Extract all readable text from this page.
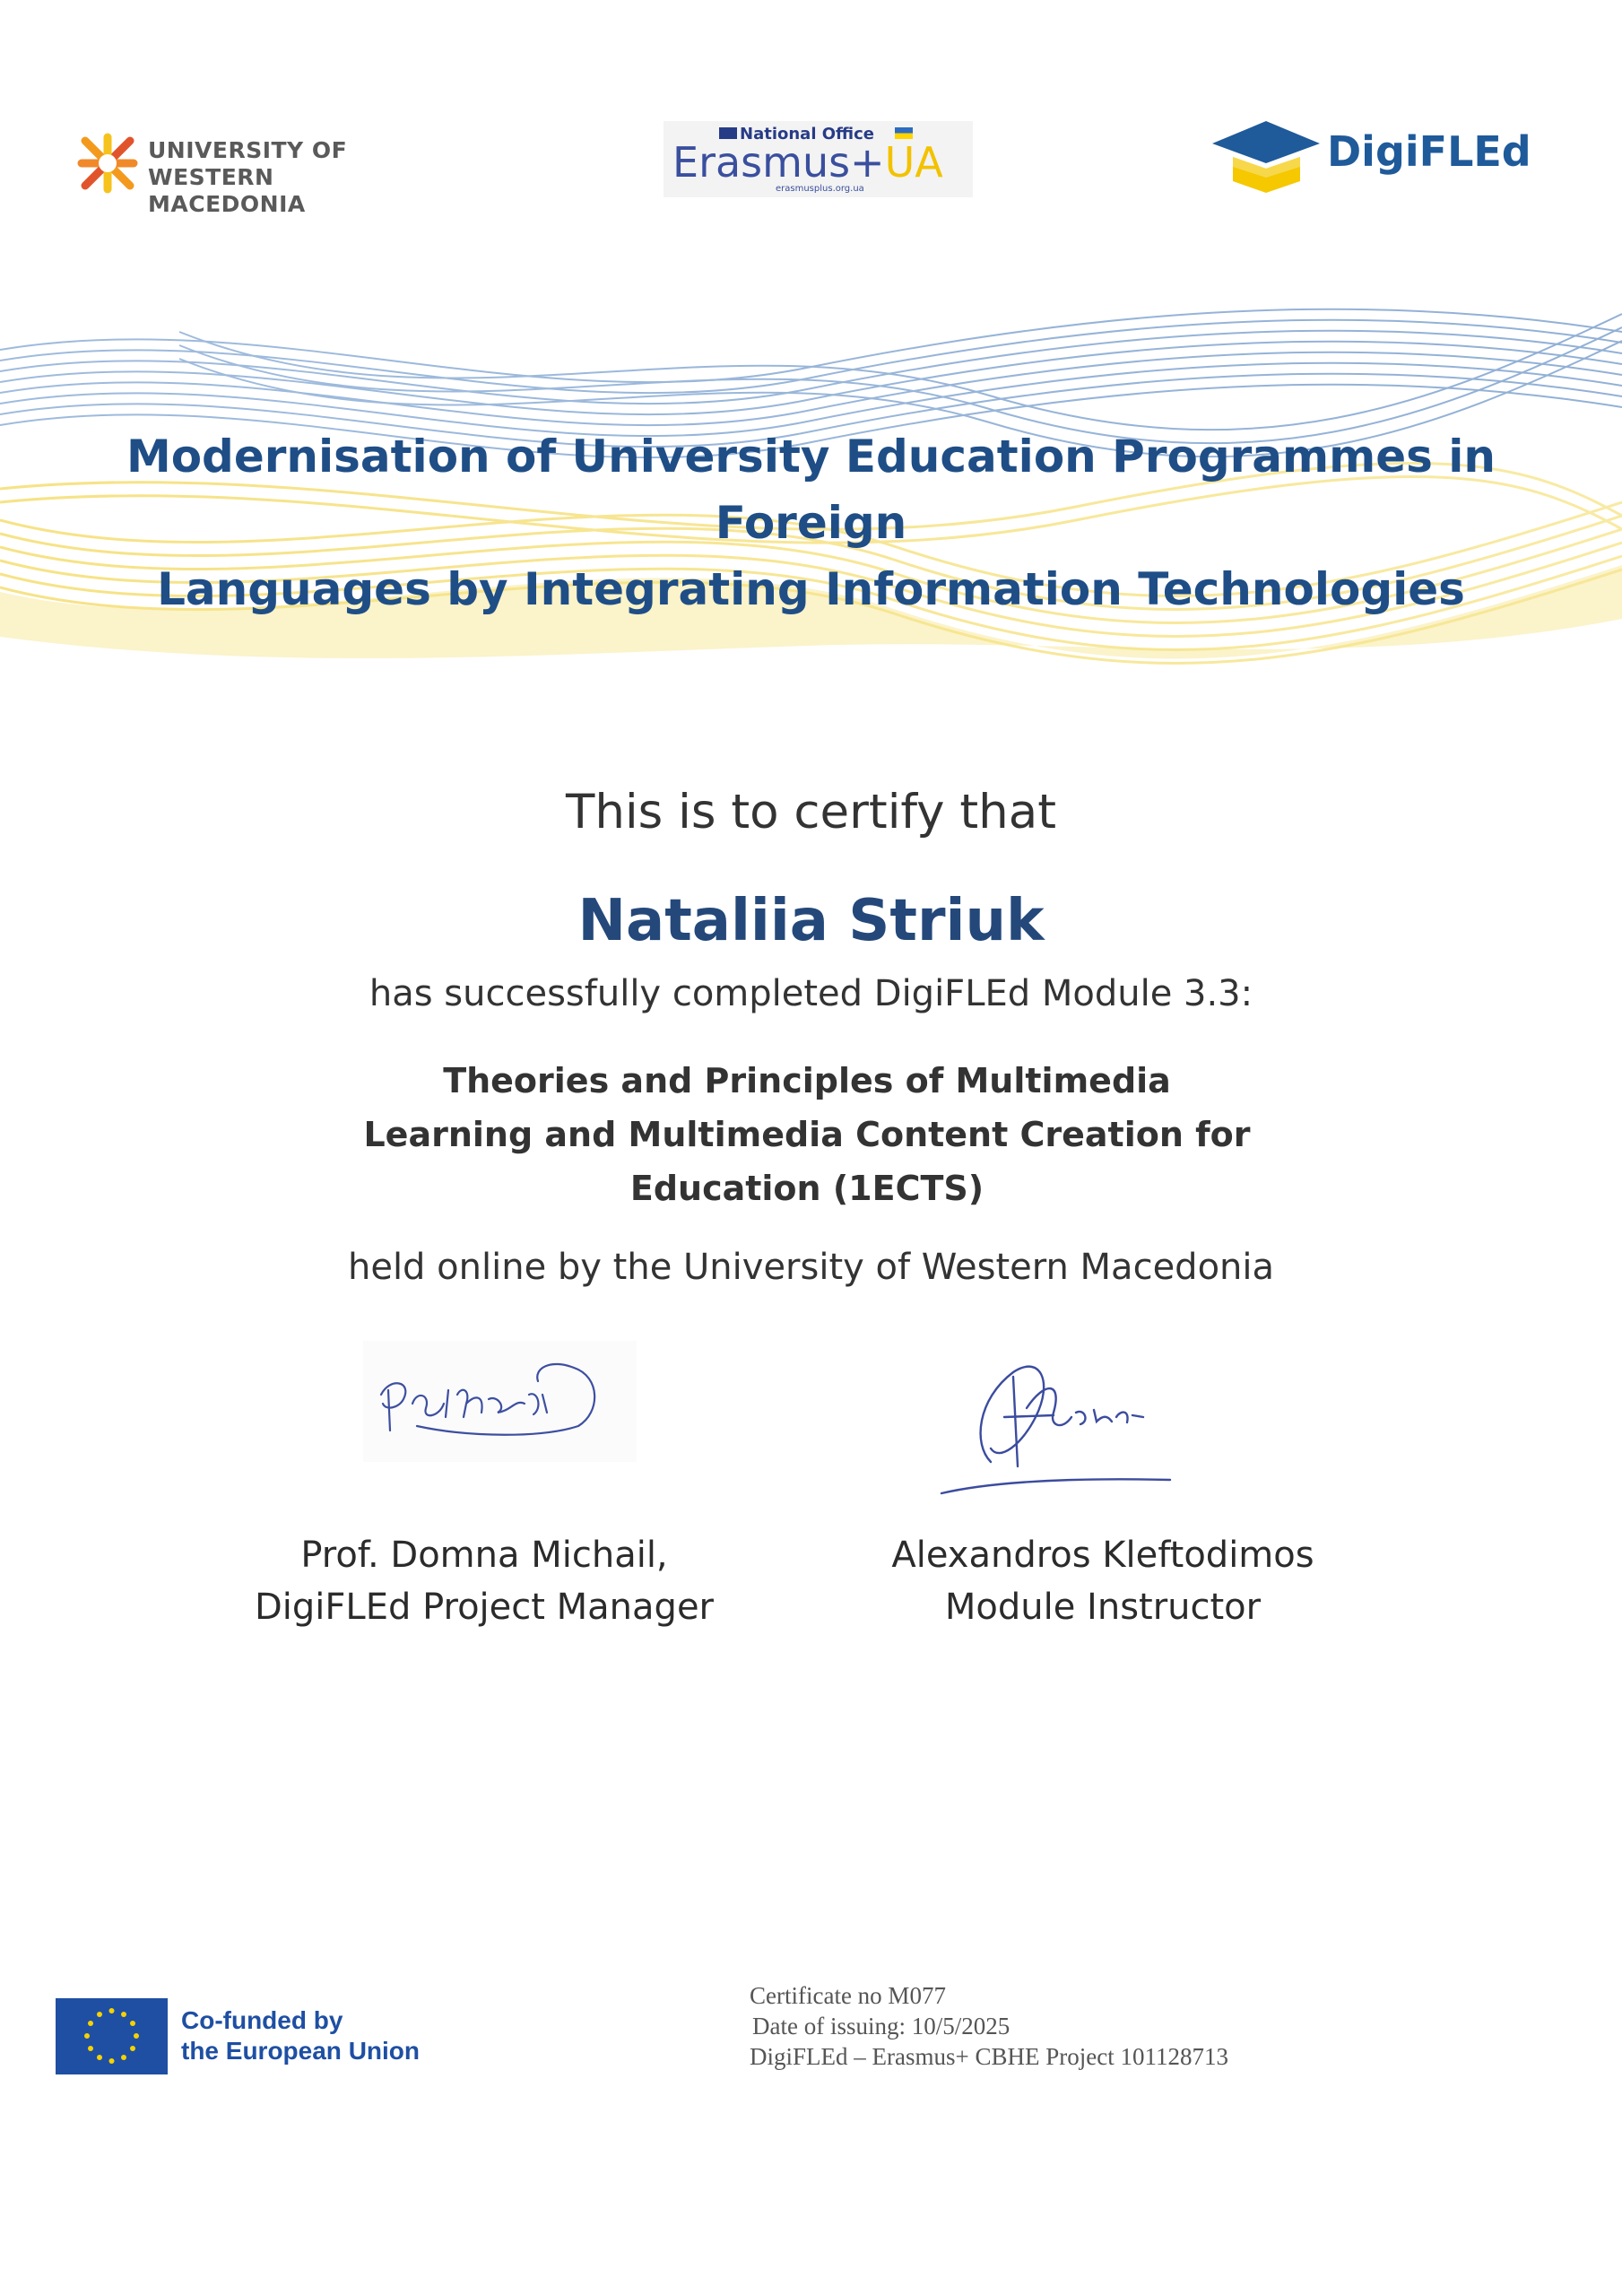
UNIVERSITY OF
WESTERN MACEDONIA
National Office
Erasmus+UA
erasmusplus.org.ua
DigiFLEd
Modernisation of University Education Programmes in Foreign
Languages by Integrating Information Technologies
This is to certify that
Nataliia Striuk
has successfully completed DigiFLEd Module 3.3:
Theories and Principles of Multimedia
Learning and Multimedia Content Creation for
Education (1ECTS)
held online by the University of Western Macedonia
Prof. Domna Michail,
DigiFLEd Project Manager
Alexandros Kleftodimos
Module Instructor
Co-funded by
the European Union
Certificate no M077
Date of issuing: 10/5/2025
DigiFLEd – Erasmus+ CBHE Project 101128713
